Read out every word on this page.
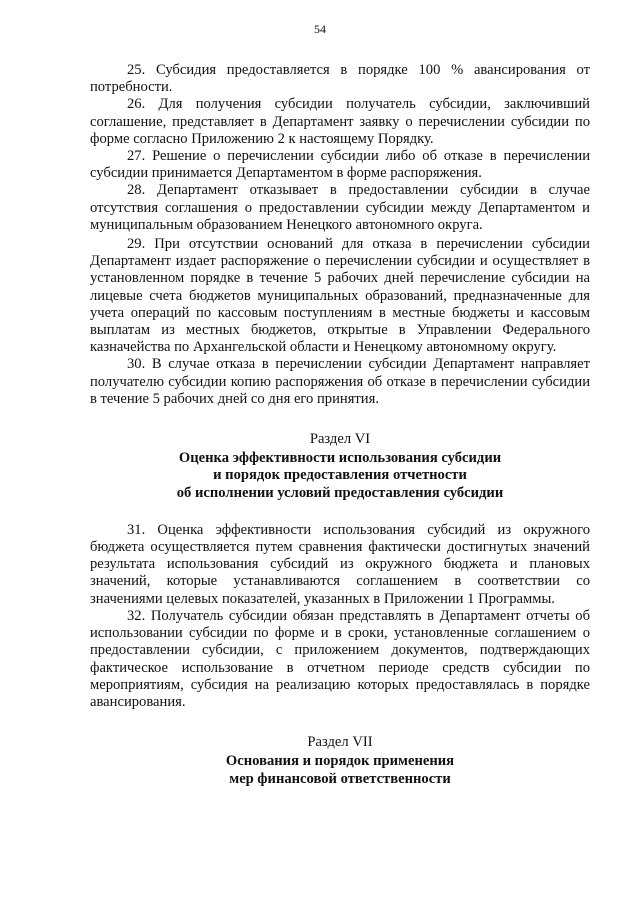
54

25. Субсидия предоставляется в порядке 100 % авансирования от потребности.

26. Для получения субсидии получатель субсидии, заключивший соглашение, представляет в Департамент заявку о перечислении субсидии по форме согласно Приложению 2 к настоящему Порядку.

27. Решение о перечислении субсидии либо об отказе в перечислении субсидии принимается Департаментом в форме распоряжения.

28. Департамент отказывает в предоставлении субсидии в случае отсутствия соглашения о предоставлении субсидии между Департаментом и муниципальным образованием Ненецкого автономного округа.

29. При отсутствии оснований для отказа в перечислении субсидии Департамент издает распоряжение о перечислении субсидии и осуществляет в установленном порядке в течение 5 рабочих дней перечисление субсидии на лицевые счета бюджетов муниципальных образований, предназначенные для учета операций по кассовым поступлениям в местные бюджеты и кассовым выплатам из местных бюджетов, открытые в Управлении Федерального казначейства по Архангельской области и Ненецкому автономному округу.

30. В случае отказа в перечислении субсидии Департамент направляет получателю субсидии копию распоряжения об отказе в перечислении субсидии в течение 5 рабочих дней со дня его принятия.

Раздел VI
Оценка эффективности использования субсидии
и порядок предоставления отчетности
об исполнении условий предоставления субсидии

31. Оценка эффективности использования субсидий из окружного бюджета осуществляется путем сравнения фактически достигнутых значений результата использования субсидий из окружного бюджета и плановых значений, которые устанавливаются соглашением в соответствии со значениями целевых показателей, указанных в Приложении 1 Программы.

32. Получатель субсидии обязан представлять в Департамент отчеты об использовании субсидии по форме и в сроки, установленные соглашением о предоставлении субсидии, с приложением документов, подтверждающих фактическое использование в отчетном периоде средств субсидии по мероприятиям, субсидия на реализацию которых предоставлялась в порядке авансирования.

Раздел VII
Основания и порядок применения
мер финансовой ответственности
